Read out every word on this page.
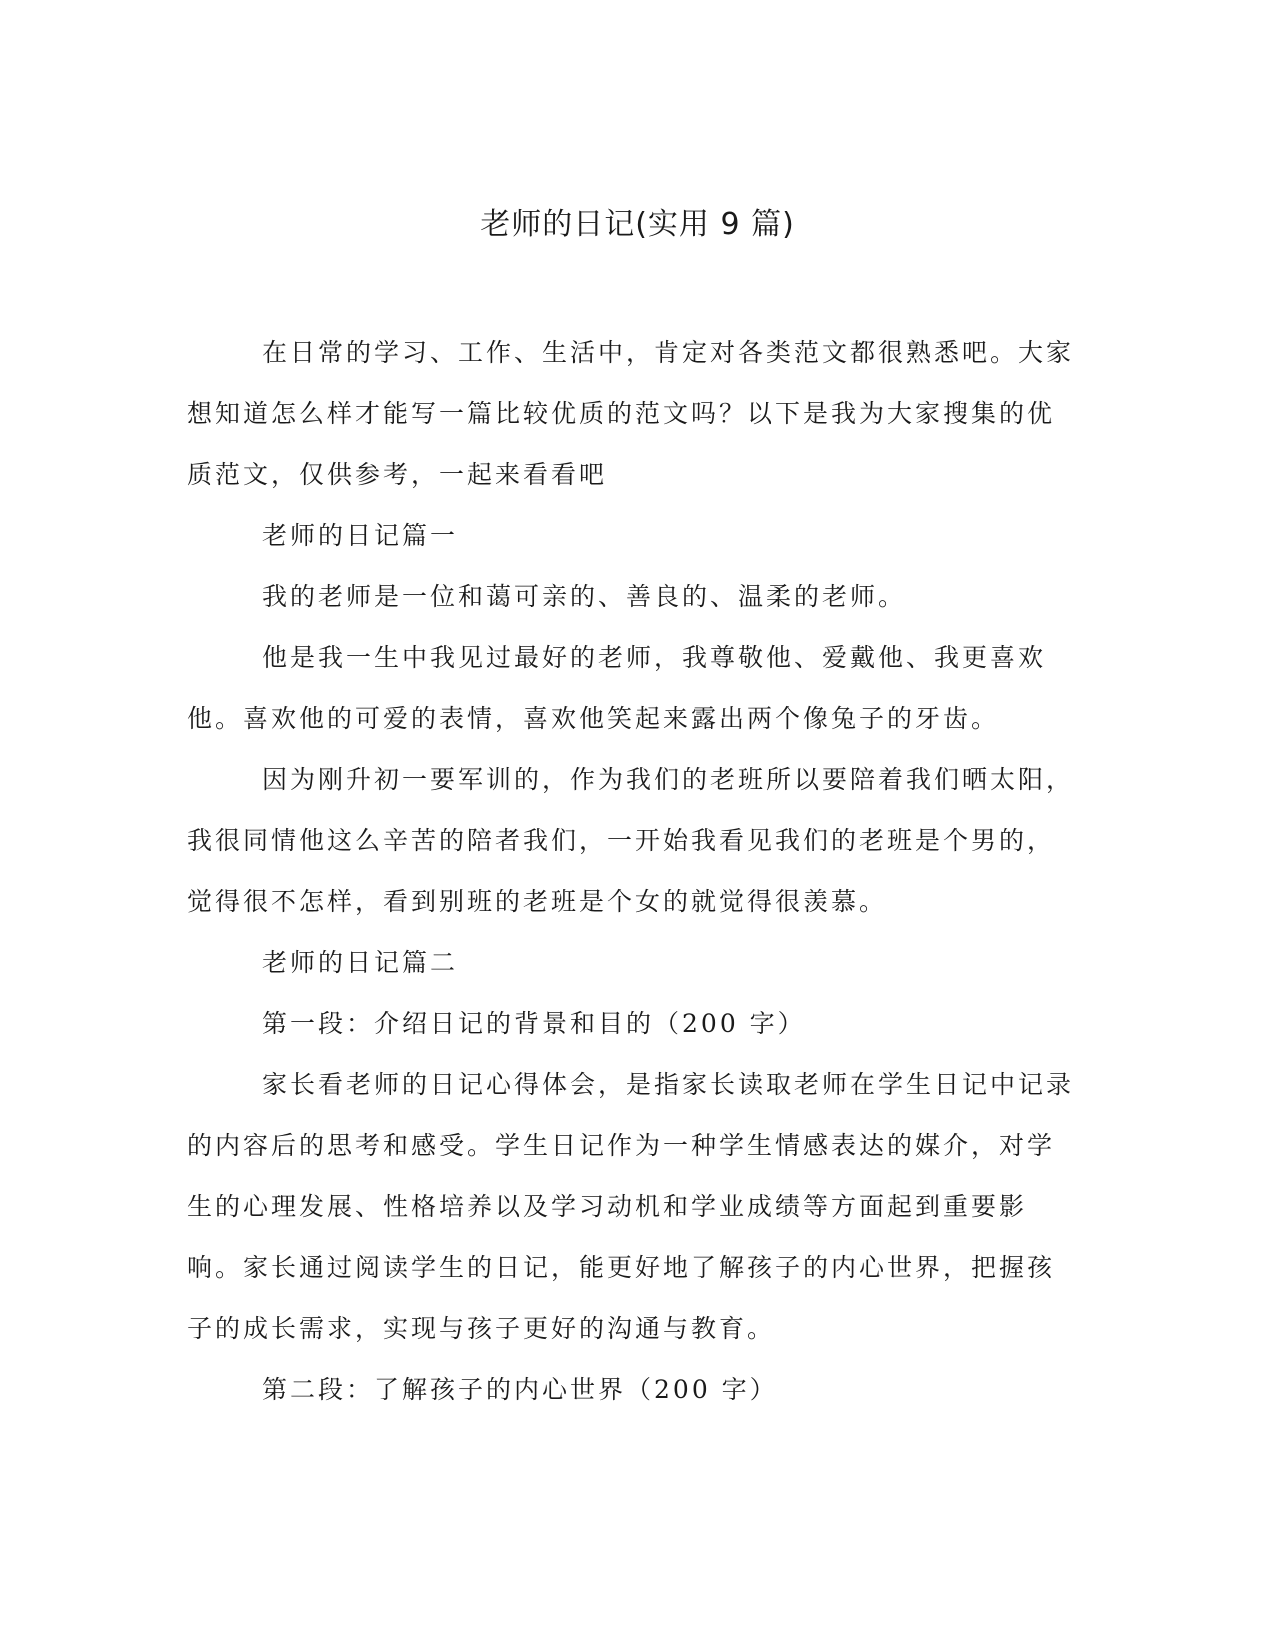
老师的日记(实用 9 篇)

在日常的学习、工作、生活中，肯定对各类范文都很熟悉吧。大家想知道怎么样才能写一篇比较优质的范文吗？以下是我为大家搜集的优质范文，仅供参考，一起来看看吧

老师的日记篇一

我的老师是一位和蔼可亲的、善良的、温柔的老师。

他是我一生中我见过最好的老师，我尊敬他、爱戴他、我更喜欢他。喜欢他的可爱的表情，喜欢他笑起来露出两个像兔子的牙齿。

因为刚升初一要军训的，作为我们的老班所以要陪着我们晒太阳，我很同情他这么辛苦的陪者我们，一开始我看见我们的老班是个男的，觉得很不怎样，看到别班的老班是个女的就觉得很羡慕。

老师的日记篇二

第一段：介绍日记的背景和目的（200 字）

家长看老师的日记心得体会，是指家长读取老师在学生日记中记录的内容后的思考和感受。学生日记作为一种学生情感表达的媒介，对学生的心理发展、性格培养以及学习动机和学业成绩等方面起到重要影响。家长通过阅读学生的日记，能更好地了解孩子的内心世界，把握孩子的成长需求，实现与孩子更好的沟通与教育。

第二段：了解孩子的内心世界（200 字）
